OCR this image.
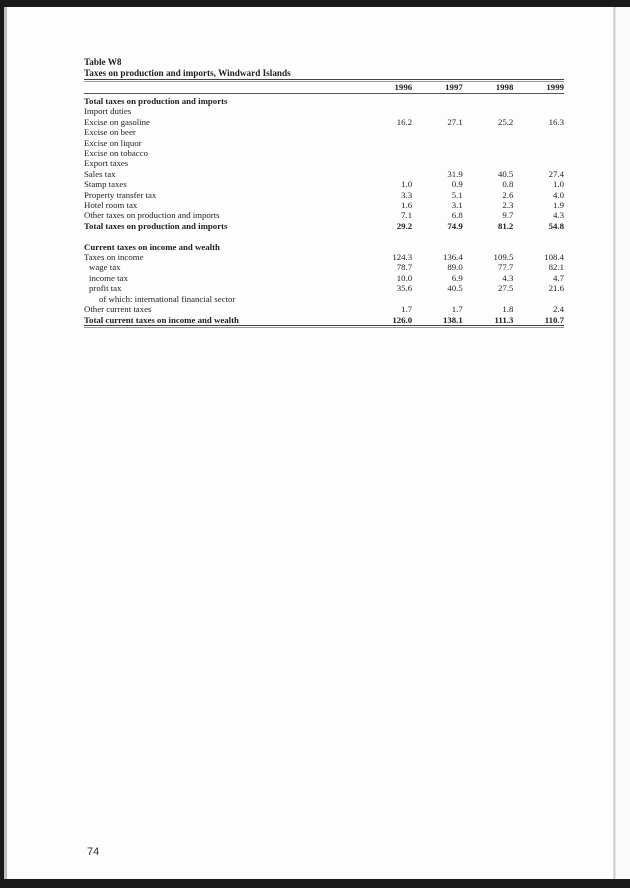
Table W8
Taxes on production and imports, Windward Islands
	1996	1997	1998	1999

Total taxes on production and imports				
Import duties				
Excise on gasoline	16.2	27.1	25.2	16.3
Excise on beer				
Excise on liquor				
Excise on tobacco				
Export taxes				
Sales tax		31.9	40.5	27.4
Stamp taxes	1.0	0.9	0.8	1.0
Property transfer tax	3.3	5.1	2.6	4.0
Hotel room tax	1.6	3.1	2.3	1.9
Other taxes on production and imports	7.1	6.8	9.7	4.3
Total taxes on production and imports	29.2	74.9	81.2	54.8

Current taxes on income and wealth				
Taxes on income	124.3	136.4	109.5	108.4
wage tax	78.7	89.0	77.7	82.1
income tax	10.0	6.9	4.3	4.7
profit tax	35.6	40.5	27.5	21.6
of which: international financial sector				
Other current taxes	1.7	1.7	1.8	2.4
Total current taxes on income and wealth	126.0	138.1	111.3	110.7
74
